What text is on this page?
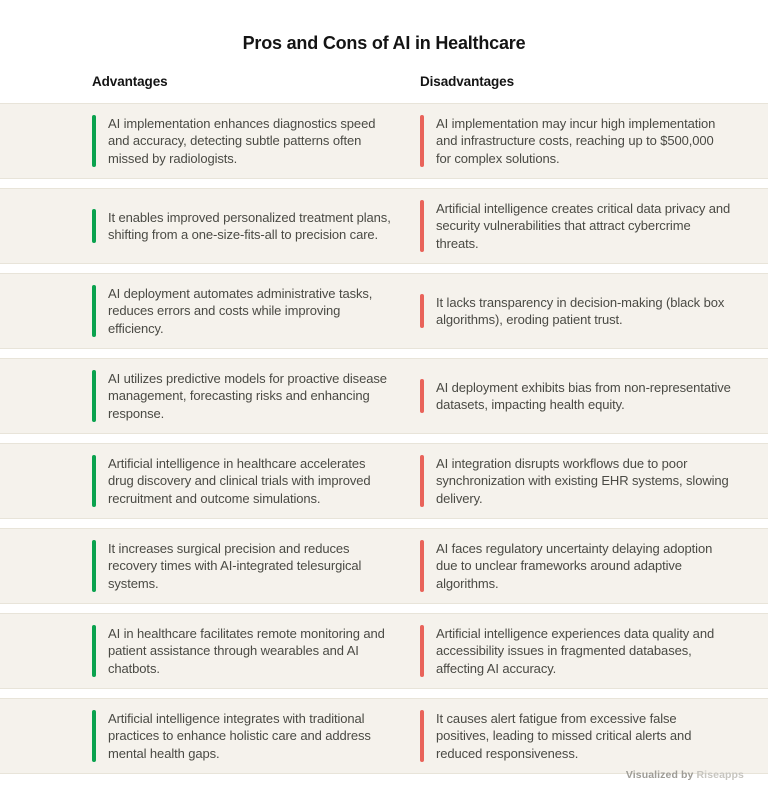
Pros and Cons of AI in Healthcare
Advantages	Disadvantages
AI implementation enhances diagnostics speed and accuracy, detecting subtle patterns often missed by radiologists.
AI implementation may incur high implementation and infrastructure costs, reaching up to $500,000 for complex solutions.
It enables improved personalized treatment plans, shifting from a one-size-fits-all to precision care.
Artificial intelligence creates critical data privacy and security vulnerabilities that attract cybercrime threats.
AI deployment automates administrative tasks, reduces errors and costs while improving efficiency.
It lacks transparency in decision-making (black box algorithms), eroding patient trust.
AI utilizes predictive models for proactive disease management, forecasting risks and enhancing response.
AI deployment exhibits bias from non-representative datasets, impacting health equity.
Artificial intelligence in healthcare accelerates drug discovery and clinical trials with improved recruitment and outcome simulations.
AI integration disrupts workflows due to poor synchronization with existing EHR systems, slowing delivery.
It increases surgical precision and reduces recovery times with AI-integrated telesurgical systems.
AI faces regulatory uncertainty delaying adoption due to unclear frameworks around adaptive algorithms.
AI in healthcare facilitates remote monitoring and patient assistance through wearables and AI chatbots.
Artificial intelligence experiences data quality and accessibility issues in fragmented databases, affecting AI accuracy.
Artificial intelligence integrates with traditional practices to enhance holistic care and address mental health gaps.
It causes alert fatigue from excessive false positives, leading to missed critical alerts and reduced responsiveness.
Visualized by Riseapps
